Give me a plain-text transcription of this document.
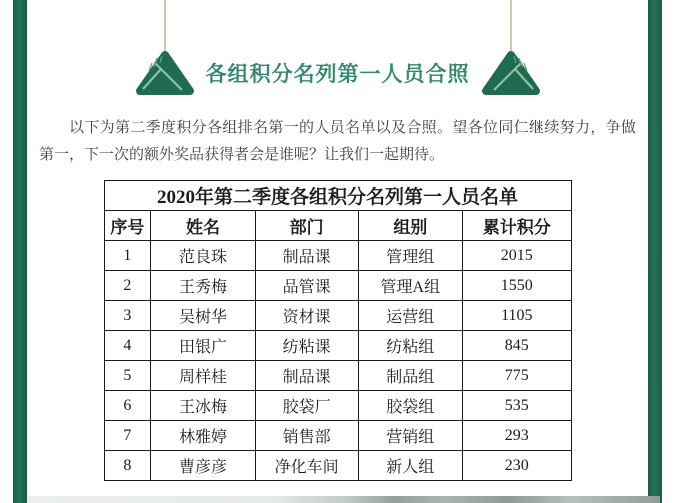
各组积分名列第一人员合照

以下为第二季度积分各组排名第一的人员名单以及合照。望各位同仁继续努力，争做第一，下一次的额外奖品获得者会是谁呢？让我们一起期待。

2020年第二季度各组积分名列第一人员名单				
序号	姓名	部门	组别	累计积分
1	范良珠	制品课	管理组	2015
2	王秀梅	品管课	管理A组	1550
3	吴树华	资材课	运营组	1105
4	田银广	纺粘课	纺粘组	845
5	周样桂	制品课	制品组	775
6	王冰梅	胶袋厂	胶袋组	535
7	林雅婷	销售部	营销组	293
8	曹彦彦	净化车间	新人组	230
